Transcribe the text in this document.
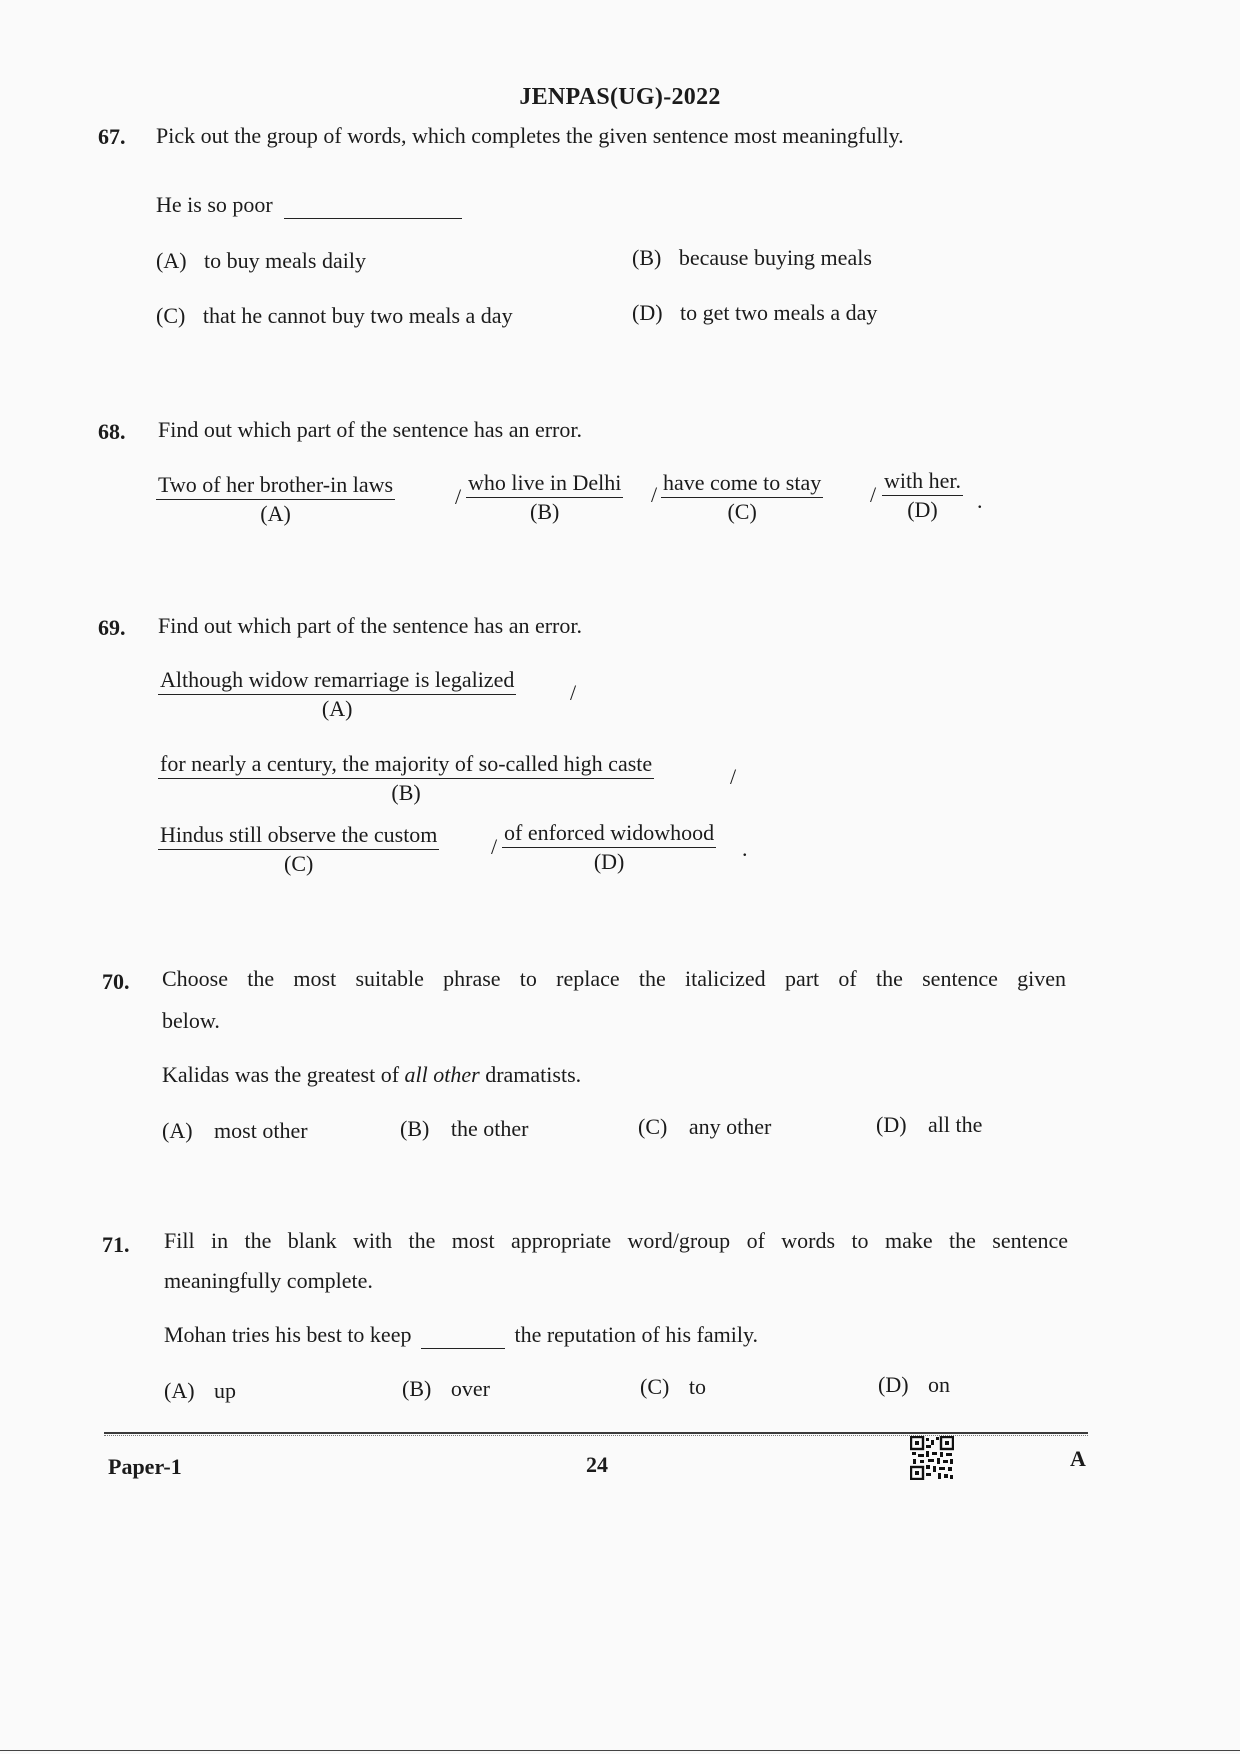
JENPAS(UG)-2022
67. Pick out the group of words, which completes the given sentence most meaningfully.
He is so poor
(A) to buy meals daily	(B) because buying meals
(C) that he cannot buy two meals a day	(D) to get two meals a day
68. Find out which part of the sentence has an error.
Two of her brother-in laws
(A)
/
who live in Delhi
(B)
/ have come to stay
(C)
/
with her.
(D)	.
69. Find out which part of the sentence has an error.
Although widow remarriage is legalized
(A)
/
for nearly a century, the majority of so-called high caste
(B)
/
Hindus still observe the custom
(C)
/
of enforced widowhood
(D)
.
70. Choose the most suitable phrase to replace the italicized part of the sentence given
below.
Kalidas was the greatest of all other dramatists.
(A) most other	(B) the other	(C) any other	(D) all the
71. Fill in the blank with the most appropriate word/group of words to make the sentence
meaningfully complete.
Mohan tries his best to keep	the reputation of his family.
(A) up	(B) over	(C) to	(D) on
Paper-1	24	A
